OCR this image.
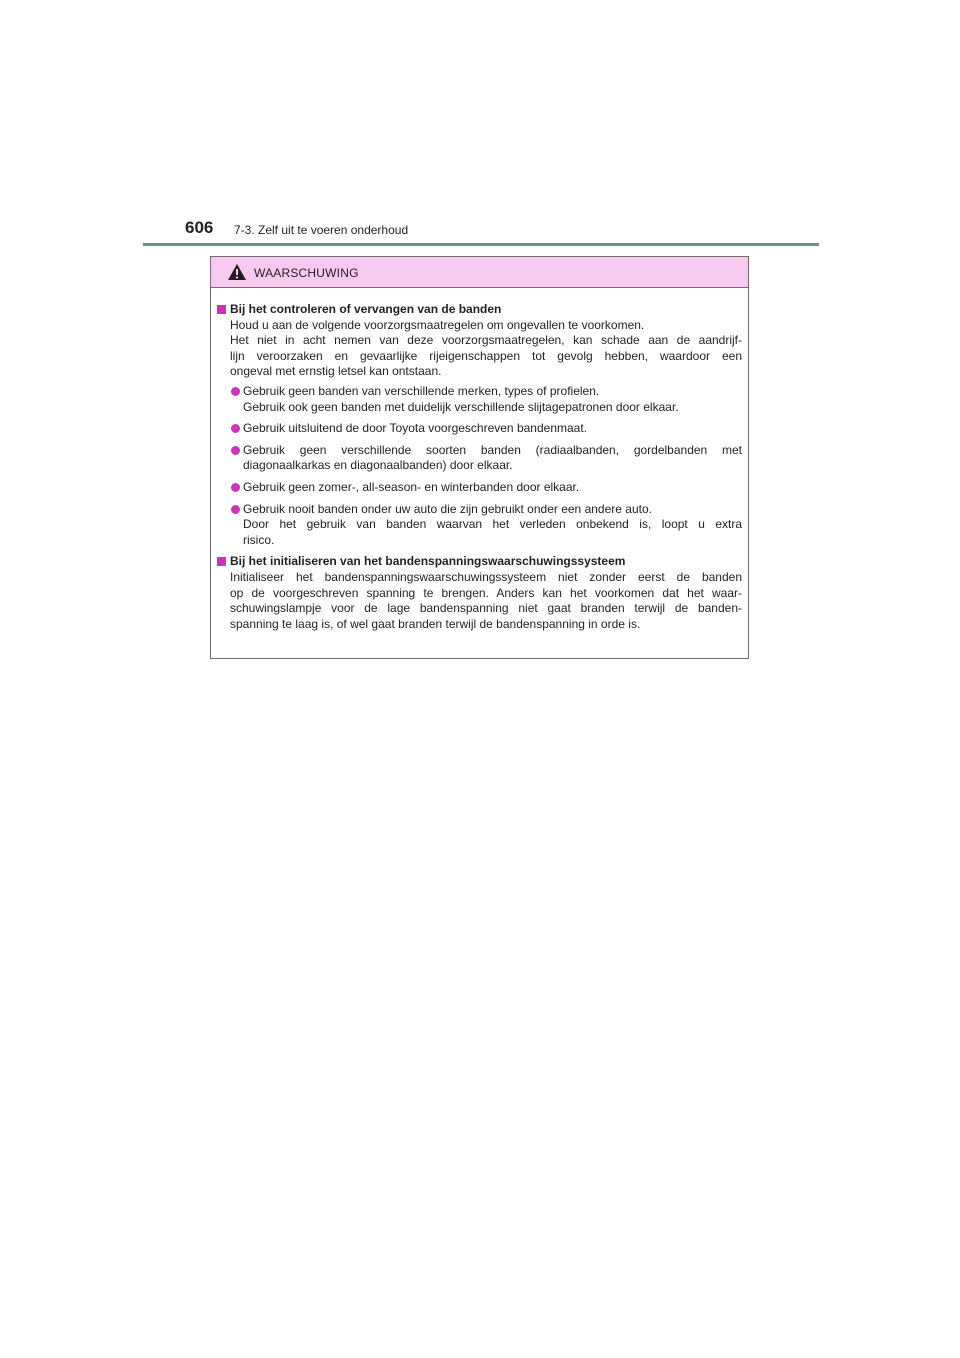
606 7-3. Zelf uit te voeren onderhoud
WAARSCHUWING
Bij het controleren of vervangen van de banden
Houd u aan de volgende voorzorgsmaatregelen om ongevallen te voorkomen.
Het niet in acht nemen van deze voorzorgsmaatregelen, kan schade aan de aandrijf-
lijn veroorzaken en gevaarlijke rijeigenschappen tot gevolg hebben, waardoor een
ongeval met ernstig letsel kan ontstaan.
Gebruik geen banden van verschillende merken, types of profielen.
Gebruik ook geen banden met duidelijk verschillende slijtagepatronen door elkaar.
Gebruik uitsluitend de door Toyota voorgeschreven bandenmaat.
Gebruik geen verschillende soorten banden (radiaalbanden, gordelbanden met
diagonaalkarkas en diagonaalbanden) door elkaar.
Gebruik geen zomer-, all-season- en winterbanden door elkaar.
Gebruik nooit banden onder uw auto die zijn gebruikt onder een andere auto.
Door het gebruik van banden waarvan het verleden onbekend is, loopt u extra
risico.
Bij het initialiseren van het bandenspanningswaarschuwingssysteem
Initialiseer het bandenspanningswaarschuwingssysteem niet zonder eerst de banden
op de voorgeschreven spanning te brengen. Anders kan het voorkomen dat het waar-
schuwingslampje voor de lage bandenspanning niet gaat branden terwijl de banden-
spanning te laag is, of wel gaat branden terwijl de bandenspanning in orde is.
